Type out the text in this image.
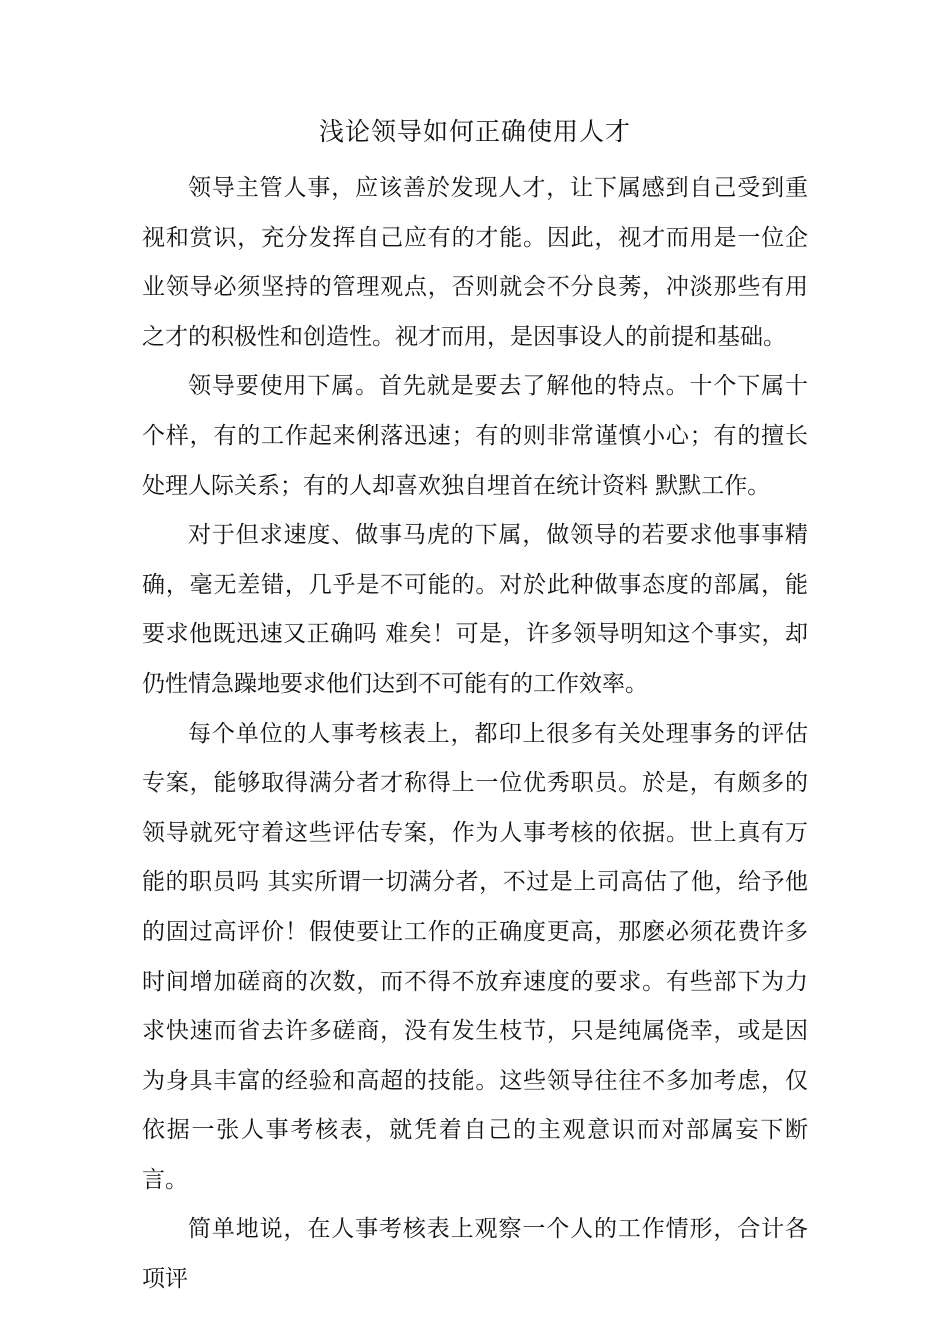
浅论领导如何正确使用人才

领导主管人事，应该善於发现人才，让下属感到自己受到重视和赏识，充分发挥自己应有的才能。因此，视才而用是一位企业领导必须坚持的管理观点，否则就会不分良莠，冲淡那些有用之才的积极性和创造性。视才而用，是因事设人的前提和基础。

领导要使用下属。首先就是要去了解他的特点。十个下属十个样，有的工作起来俐落迅速；有的则非常谨慎小心；有的擅长处理人际关系；有的人却喜欢独自埋首在统计资料 默默工作。

对于但求速度、做事马虎的下属，做领导的若要求他事事精确，毫无差错，几乎是不可能的。对於此种做事态度的部属，能要求他既迅速又正确吗 难矣！可是，许多领导明知这个事实，却仍性情急躁地要求他们达到不可能有的工作效率。

每个单位的人事考核表上，都印上很多有关处理事务的评估专案，能够取得满分者才称得上一位优秀职员。於是，有颇多的领导就死守着这些评估专案，作为人事考核的依据。世上真有万能的职员吗 其实所谓一切满分者，不过是上司高估了他，给予他的固过高评价！假使要让工作的正确度更高，那麽必须花费许多时间增加磋商的次数，而不得不放弃速度的要求。有些部下为力求快速而省去许多磋商，没有发生枝节，只是纯属侥幸，或是因为身具丰富的经验和高超的技能。这些领导往往不多加考虑，仅依据一张人事考核表，就凭着自己的主观意识而对部属妄下断言。

简单地说，在人事考核表上观察一个人的工作情形，合计各项评
